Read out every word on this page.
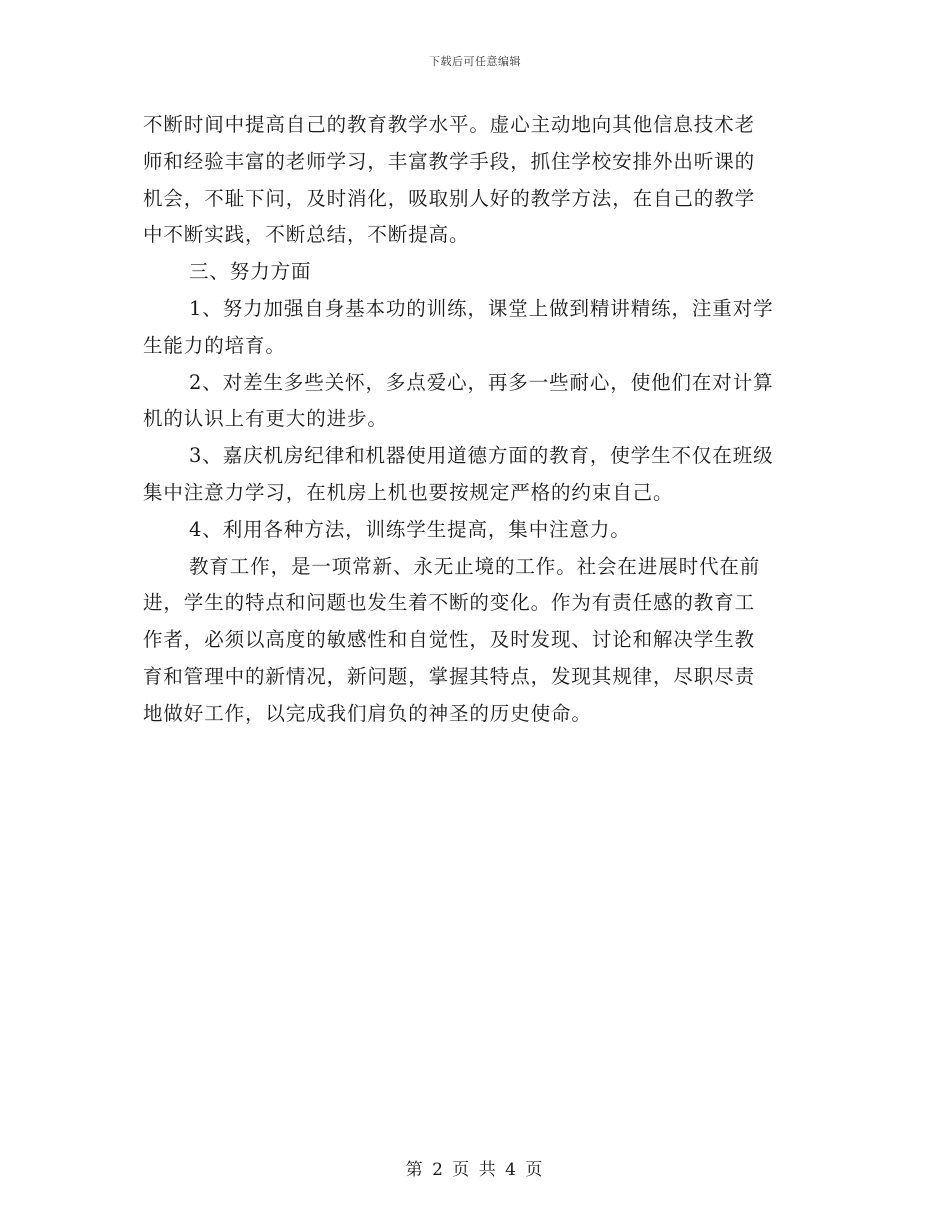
下载后可任意编辑
不断时间中提高自己的教育教学水平。虚心主动地向其他信息技术老
师和经验丰富的老师学习，丰富教学手段，抓住学校安排外出听课的
机会，不耻下问，及时消化，吸取别人好的教学方法，在自己的教学
中不断实践，不断总结，不断提高。
三、努力方面
1、努力加强自身基本功的训练，课堂上做到精讲精练，注重对学
生能力的培育。
2、对差生多些关怀，多点爱心，再多一些耐心，使他们在对计算
机的认识上有更大的进步。
3、嘉庆机房纪律和机器使用道德方面的教育，使学生不仅在班级
集中注意力学习，在机房上机也要按规定严格的约束自己。
4、利用各种方法，训练学生提高，集中注意力。
教育工作，是一项常新、永无止境的工作。社会在进展时代在前
进，学生的特点和问题也发生着不断的变化。作为有责任感的教育工
作者，必须以高度的敏感性和自觉性，及时发现、讨论和解决学生教
育和管理中的新情况，新问题，掌握其特点，发现其规律，尽职尽责
地做好工作，以完成我们肩负的神圣的历史使命。
第 2 页 共 4 页
